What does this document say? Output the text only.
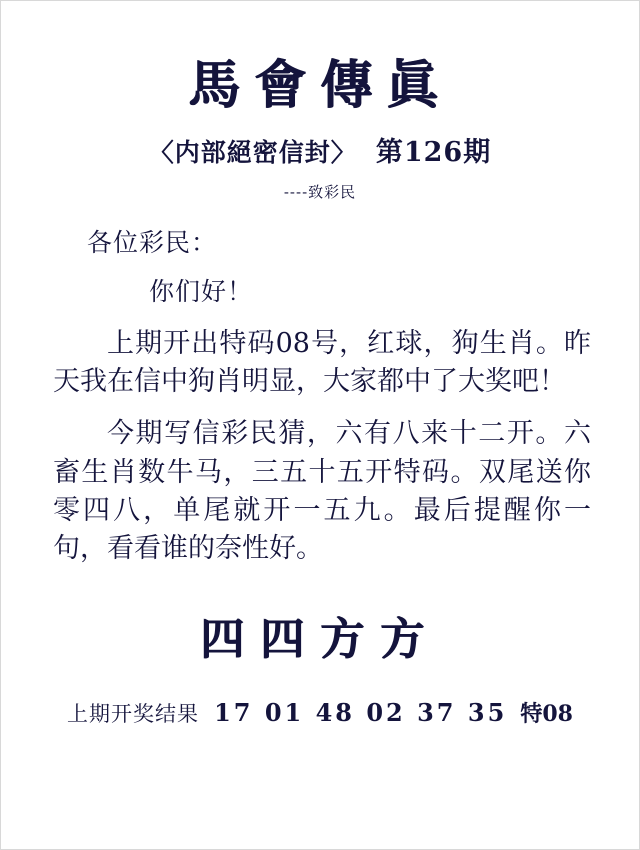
馬會傳眞
〈内部絕密信封〉 第126期
----致彩民
各位彩民：
你们好！
上期开出特码08号，红球，狗生肖。昨天我在信中狗肖明显，大家都中了大奖吧！
今期写信彩民猜，六有八来十二开。六畜生肖数牛马，三五十五开特码。双尾送你零四八，单尾就开一五九。最后提醒你一句，看看谁的奈性好。
四四方方
上期开奖结果 17 01 48 02 37 35 特08
